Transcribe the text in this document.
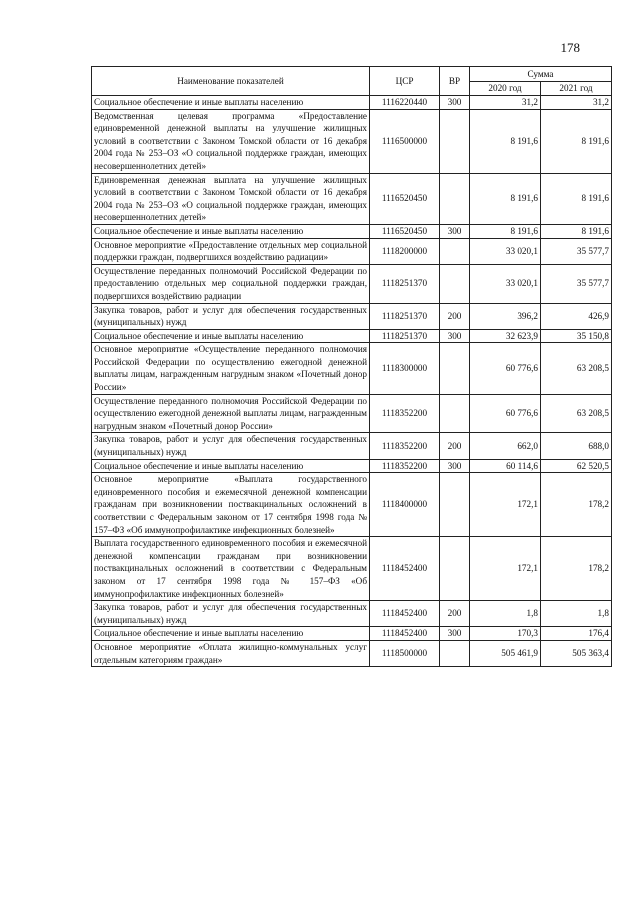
178
Наименование показателей	ЦСР	ВР	Сумма	
			2020 год	2021 год
Социальное обеспечение и иные выплаты населению	1116220440	300	31,2	31,2
Ведомственная целевая программа «Предоставление единовременной денежной выплаты на улучшение жилищных условий в соответствии с Законом Томской области от 16 декабря 2004 года № 253–ОЗ «О социальной поддержке граждан, имеющих несовершеннолетних детей»	1116500000		8 191,6	8 191,6
Единовременная денежная выплата на улучшение жилищных условий в соответствии с Законом Томской области от 16 декабря 2004 года № 253–ОЗ «О социальной поддержке граждан, имеющих несовершеннолетних детей»	1116520450		8 191,6	8 191,6
Социальное обеспечение и иные выплаты населению	1116520450	300	8 191,6	8 191,6
Основное мероприятие «Предоставление отдельных мер социальной поддержки граждан, подвергшихся воздействию радиации»	1118200000		33 020,1	35 577,7
Осуществление переданных полномочий Российской Федерации по предоставлению отдельных мер социальной поддержки граждан, подвергшихся воздействию радиации	1118251370		33 020,1	35 577,7
Закупка товаров, работ и услуг для обеспечения государственных (муниципальных) нужд	1118251370	200	396,2	426,9
Социальное обеспечение и иные выплаты населению	1118251370	300	32 623,9	35 150,8
Основное мероприятие «Осуществление переданного полномочия Российской Федерации по осуществлению ежегодной денежной выплаты лицам, награжденным нагрудным знаком «Почетный донор России»	1118300000		60 776,6	63 208,5
Осуществление переданного полномочия Российской Федерации по осуществлению ежегодной денежной выплаты лицам, награжденным нагрудным знаком «Почетный донор России»	1118352200		60 776,6	63 208,5
Закупка товаров, работ и услуг для обеспечения государственных (муниципальных) нужд	1118352200	200	662,0	688,0
Социальное обеспечение и иные выплаты населению	1118352200	300	60 114,6	62 520,5
Основное мероприятие «Выплата государственного единовременного пособия и ежемесячной денежной компенсации гражданам при возникновении поствакцинальных осложнений в соответствии с Федеральным законом от 17 сентября 1998 года № 157–ФЗ «Об иммунопрофилактике инфекционных болезней»	1118400000		172,1	178,2
Выплата государственного единовременного пособия и ежемесячной денежной компенсации гражданам при возникновении поствакцинальных осложнений в соответствии с Федеральным законом от 17 сентября 1998 года № 157–ФЗ «Об иммунопрофилактике инфекционных болезней»	1118452400		172,1	178,2
Закупка товаров, работ и услуг для обеспечения государственных (муниципальных) нужд	1118452400	200	1,8	1,8
Социальное обеспечение и иные выплаты населению	1118452400	300	170,3	176,4
Основное мероприятие «Оплата жилищно-коммунальных услуг отдельным категориям граждан»	1118500000		505 461,9	505 363,4
